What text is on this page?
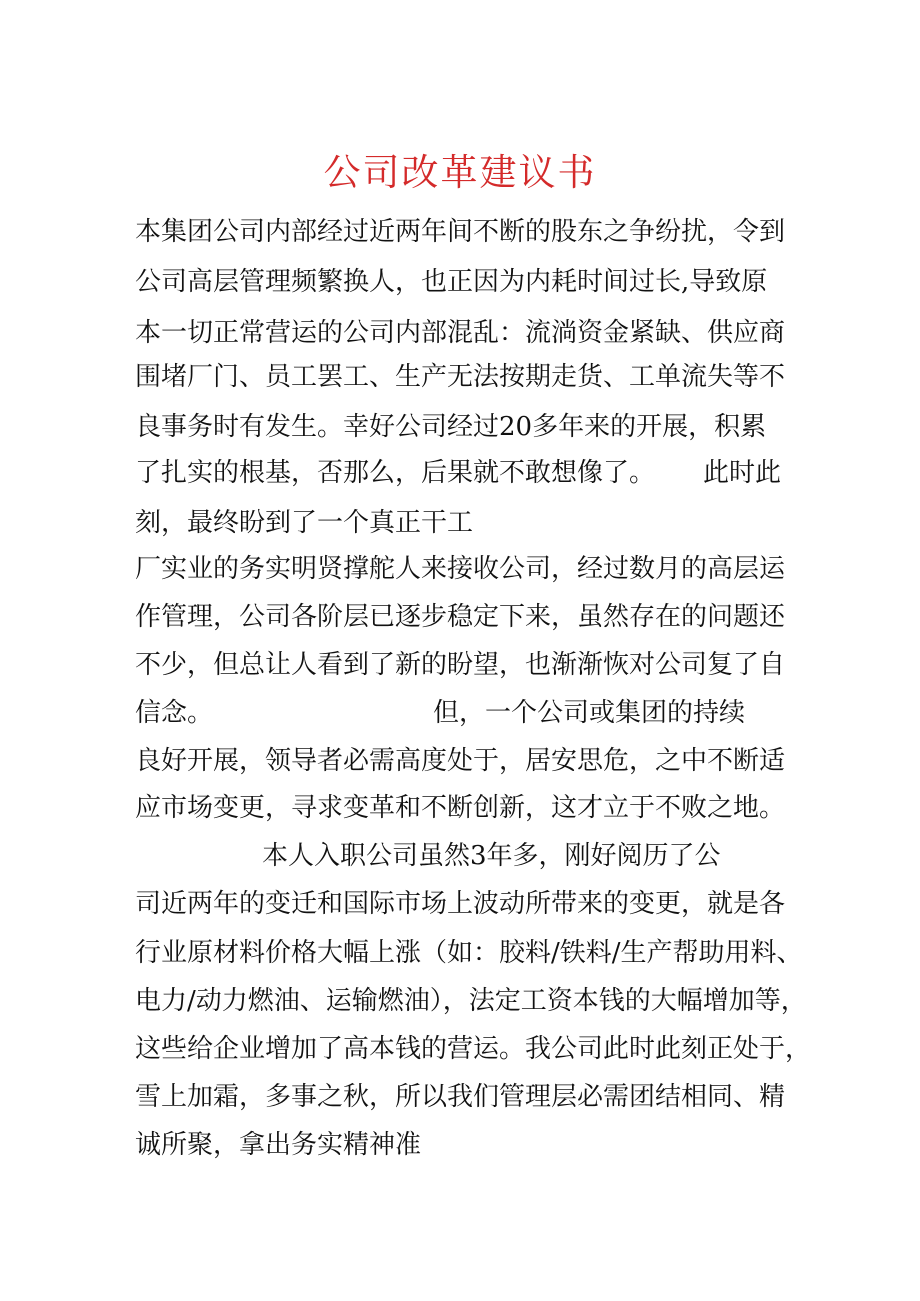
公司改革建议书
本集团公司内部经过近两年间不断的股东之争纷扰，令到
公司高层管理频繁换人，也正因为内耗时间过长,导致原
本一切正常营运的公司内部混乱：流淌资金紧缺、供应商
围堵厂门、员工罢工、生产无法按期走货、工单流失等不
良事务时有发生。幸好公司经过20多年来的开展，积累
了扎实的根基，否那么，后果就不敢想像了。 此时此
刻，最终盼到了一个真正干工
厂实业的务实明贤撑舵人来接收公司，经过数月的高层运
作管理，公司各阶层已逐步稳定下来，虽然存在的问题还
不少，但总让人看到了新的盼望，也渐渐恢对公司复了自
信念。	但，一个公司或集团的持续
良好开展，领导者必需高度处于，居安思危，之中不断适
应市场变更，寻求变革和不断创新，这才立于不败之地。
本人入职公司虽然3年多，刚好阅历了公
司近两年的变迁和国际市场上波动所带来的变更，就是各
行业原材料价格大幅上涨（如：胶料/铁料/生产帮助用料、
电力/动力燃油、运输燃油），法定工资本钱的大幅增加等，
这些给企业增加了高本钱的营运。我公司此时此刻正处于，
雪上加霜，多事之秋，所以我们管理层必需团结相同、精
诚所聚，拿出务实精神准
